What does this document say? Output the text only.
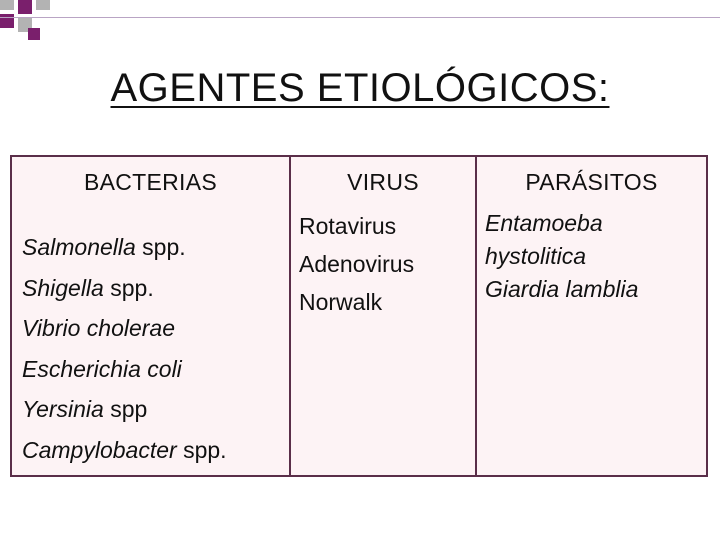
AGENTES ETIOLÓGICOS:
BACTERIAS
Salmonella spp.
Shigella spp.
Vibrio cholerae
Escherichia coli
Yersinia spp
Campylobacter spp.
VIRUS
Rotavirus
Adenovirus
Norwalk
PARÁSITOS
Entamoeba
hystolitica
Giardia lamblia
